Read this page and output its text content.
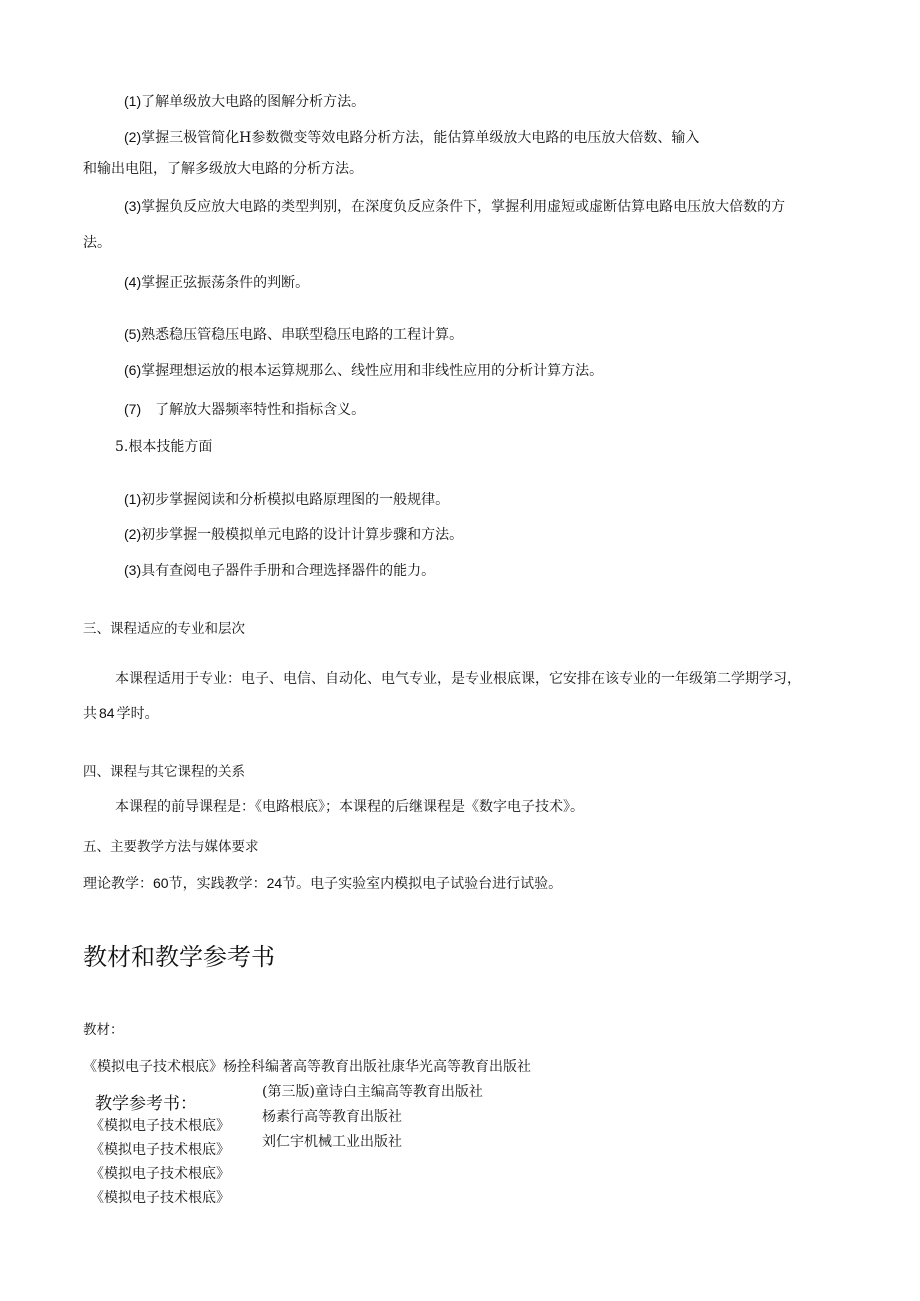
(1)了解单级放大电路的图解分析方法。
(2)掌握三极管简化H参数微变等效电路分析方法，能估算单级放大电路的电压放大倍数、输入
和输出电阻，了解多级放大电路的分析方法。
(3)掌握负反应放大电路的类型判别，在深度负反应条件下，掌握利用虚短或虚断估算电路电压放大倍数的方
法。
(4)掌握正弦振荡条件的判断。
(5)熟悉稳压管稳压电路、串联型稳压电路的工程计算。
(6)掌握理想运放的根本运算规那么、线性应用和非线性应用的分析计算方法。
(7) 了解放大器频率特性和指标含义。
5.根本技能方面
(1)初步掌握阅读和分析模拟电路原理图的一般规律。
(2)初步掌握一般模拟单元电路的设计计算步骤和方法。
(3)具有查阅电子器件手册和合理选择器件的能力。
三、课程适应的专业和层次
本课程适用于专业：电子、电信、自动化、电气专业，是专业根底课，它安排在该专业的一年级第二学期学习，
共 84 学时。
四、课程与其它课程的关系
本课程的前导课程是：《电路根底》；本课程的后继课程是《数字电子技术》。
五、主要教学方法与媒体要求
理论教学：60节，实践教学：24节。电子实验室内模拟电子试验台进行试验。
教材和教学参考书
教材：
《模拟电子技术根底》杨拴科编著高等教育出版社康华光高等教育出版社
教学参考书：
《模拟电子技术根底》
《模拟电子技术根底》
《模拟电子技术根底》
《模拟电子技术根底》
(第三版)童诗白主编高等教育出版社
杨素行高等教育出版社
刘仁宇机械工业出版社
